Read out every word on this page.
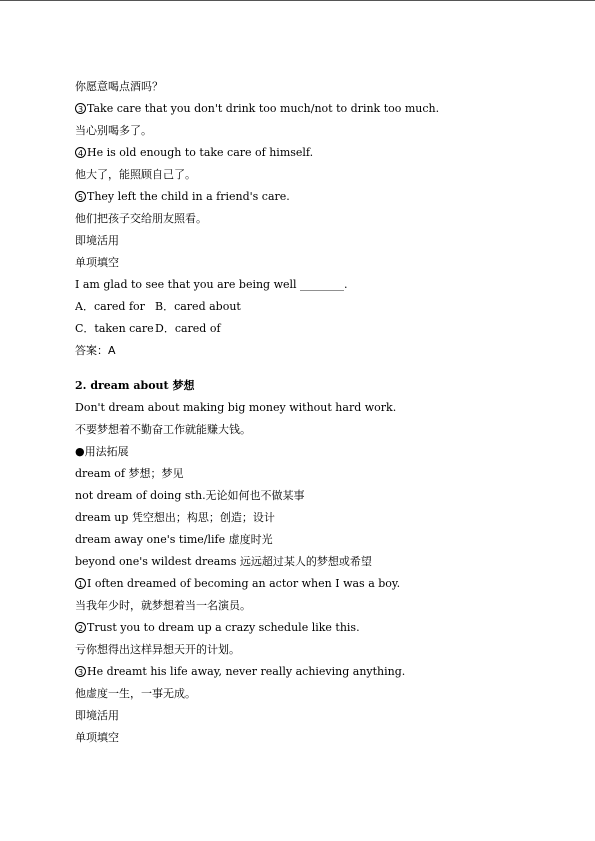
你愿意喝点酒吗？
3 Take care that you don't drink too much/not to drink too much.
当心别喝多了。
4 He is old enough to take care of himself.
他大了，能照顾自己了。
5 They left the child in a friend's care.
他们把孩子交给朋友照看。
即境活用
单项填空
I am glad to see that you are being well ________.
A．cared for B．cared about
C．taken careD．cared of
答案：A
2. dream about 梦想
Don't dream about making big money without hard work.
不要梦想着不勤奋工作就能赚大钱。
●用法拓展
dream of 梦想；梦见
not dream of doing sth.无论如何也不做某事
dream up 凭空想出；构思；创造；设计
dream away one's time/life 虚度时光
beyond one's wildest dreams 远远超过某人的梦想或希望
1 I often dreamed of becoming an actor when I was a boy.
当我年少时，就梦想着当一名演员。
2 Trust you to dream up a crazy schedule like this.
亏你想得出这样异想天开的计划。
3 He dreamt his life away, never really achieving anything.
他虚度一生，一事无成。
即境活用
单项填空
